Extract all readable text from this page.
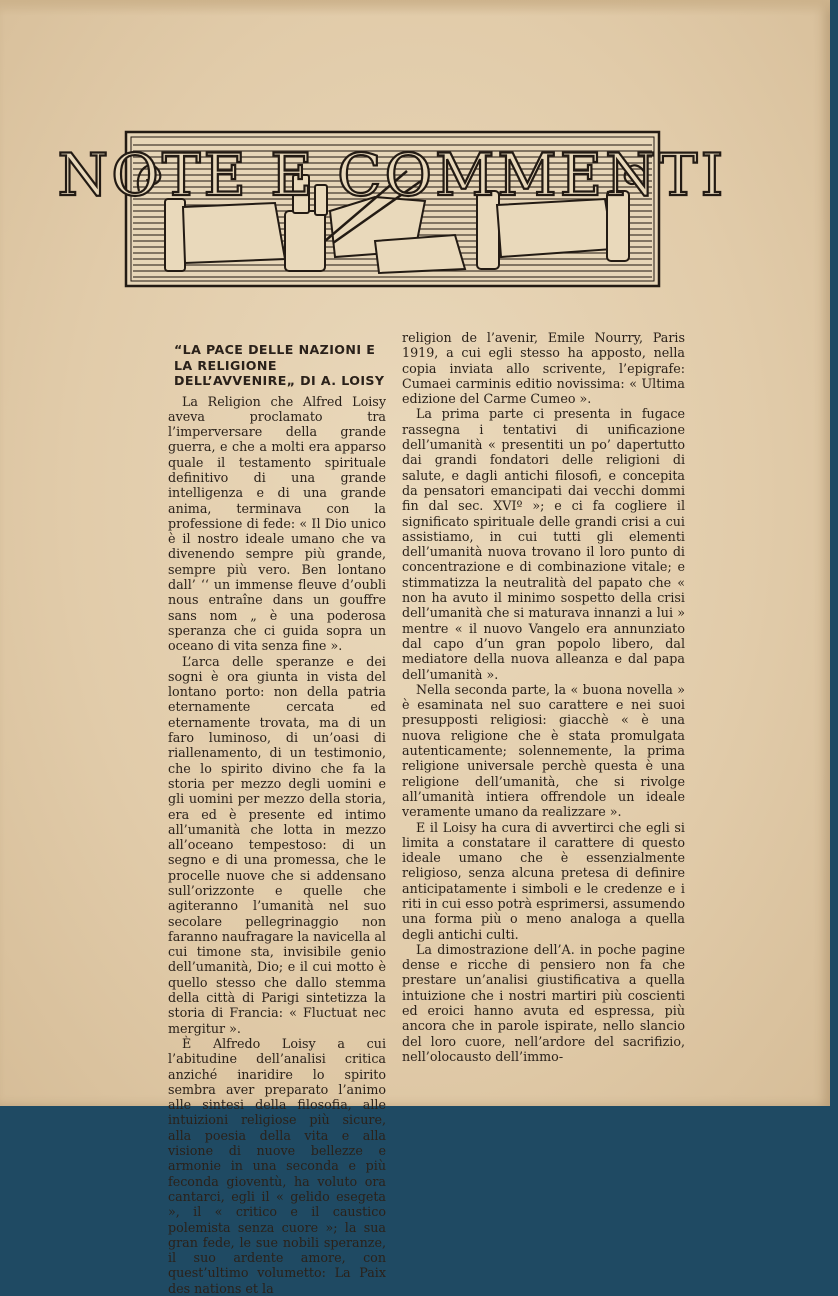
NOTE E COMMENTI
“LA PACE DELLE NAZIONI E LA RELIGIONE DELL’AVVENIRE„ DI A. LOISY

La Religion che Alfred Loisy aveva proclamato tra l’imperversare della grande guerra, e che a molti era apparso quale il testamento spirituale definitivo di una grande intelligenza e di una grande anima, terminava con la professione di fede: « Il Dio unico è il nostro ideale umano che va divenendo sempre più grande, sempre più vero. Ben lontano dall’ ‘‘ un immense fleuve d’oubli nous entraîne dans un gouffre sans nom „ è una poderosa speranza che ci guida sopra un oceano di vita senza fine ».

L’arca delle speranze e dei sogni è ora giunta in vista del lontano porto: non della patria eternamente cercata ed eternamente trovata, ma di un faro luminoso, di un’oasi di riallenamento, di un testimonio, che lo spirito divino che fa la storia per mezzo degli uomini e gli uomini per mezzo della storia, era ed è presente ed intimo all’umanità che lotta in mezzo all’oceano tempestoso: di un segno e di una promessa, che le procelle nuove che si addensano sull’orizzonte e quelle che agiteranno l’umanità nel suo secolare pellegrinaggio non faranno naufragare la navicella al cui timone sta, invisibile genio dell’umanità, Dio; e il cui motto è quello stesso che dallo stemma della città di Parigi sintetizza la storia di Francia: « Fluctuat nec mergitur ».

È Alfredo Loisy a cui l’abitudine dell’analisi critica anziché inaridire lo spirito sembra aver preparato l’animo alle sintesi della filosofia, alle intuizioni religiose più sicure, alla poesia della vita e alla visione di nuove bellezze e armonie in una seconda e più feconda gioventù, ha voluto ora cantarci, egli il « gelido esegeta », il « critico e il caustico polemista senza cuore »; la sua gran fede, le sue nobili speranze, il suo ardente amore, con quest’ultimo volumetto: La Paix des nations et la

religion de l’avenir, Emile Nourry, Paris 1919, a cui egli stesso ha apposto, nella copia inviata allo scrivente, l’epigrafe: Cumaei carminis editio novissima: « Ultima edizione del Carme Cumeo ».

La prima parte ci presenta in fugace rassegna i tentativi di unificazione dell’umanità « presentiti un po’ dapertutto dai grandi fondatori delle religioni di salute, e dagli antichi filosofi, e concepita da pensatori emancipati dai vecchi dommi fin dal sec. XVIº »; e ci fa cogliere il significato spirituale delle grandi crisi a cui assistiamo, in cui tutti gli elementi dell’umanità nuova trovano il loro punto di concentrazione e di combinazione vitale; e stimmatizza la neutralità del papato che « non ha avuto il minimo sospetto della crisi dell’umanità che si maturava innanzi a lui » mentre « il nuovo Vangelo era annunziato dal capo d’un gran popolo libero, dal mediatore della nuova alleanza e dal papa dell’umanità ».

Nella seconda parte, la « buona novella » è esaminata nel suo carattere e nei suoi presupposti religiosi: giacchè « è una nuova religione che è stata promulgata autenticamente; solennemente, la prima religione universale perchè questa è una religione dell’umanità, che si rivolge all’umanità intiera offrendole un ideale veramente umano da realizzare ».

E il Loisy ha cura di avvertirci che egli si limita a constatare il carattere di questo ideale umano che è essenzialmente religioso, senza alcuna pretesa di definire anticipatamente i simboli e le credenze e i riti in cui esso potrà esprimersi, assumendo una forma più o meno analoga a quella degli antichi culti.

La dimostrazione dell’A. in poche pagine dense e ricche di pensiero non fa che prestare un’analisi giustificativa a quella intuizione che i nostri martiri più coscienti ed eroici hanno avuta ed espressa, più ancora che in parole ispirate, nello slancio del loro cuore, nell’ardore del sacrifizio, nell’olocausto dell’immo-
